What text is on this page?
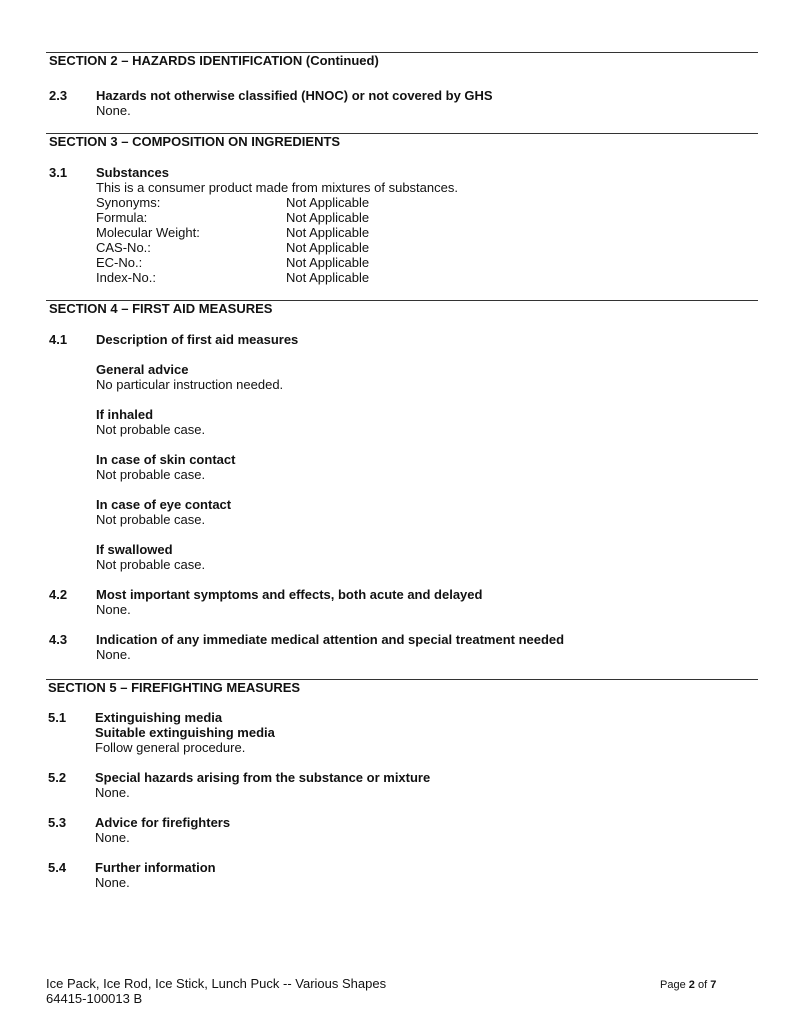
SECTION 2 – HAZARDS IDENTIFICATION (Continued)
2.3 Hazards not otherwise classified (HNOC) or not covered by GHS
None.
SECTION 3 – COMPOSITION ON INGREDIENTS
3.1 Substances
This is a consumer product made from mixtures of substances.
Synonyms:	Not Applicable
Formula:	Not Applicable
Molecular Weight:	Not Applicable
CAS-No.:	Not Applicable
EC-No.:	Not Applicable
Index-No.:	Not Applicable
SECTION 4 – FIRST AID MEASURES
4.1 Description of first aid measures
General advice
No particular instruction needed.
If inhaled
Not probable case.
In case of skin contact
Not probable case.
In case of eye contact
Not probable case.
If swallowed
Not probable case.
4.2 Most important symptoms and effects, both acute and delayed
None.
4.3 Indication of any immediate medical attention and special treatment needed
None.
SECTION 5 – FIREFIGHTING MEASURES
5.1 Extinguishing media
Suitable extinguishing media
Follow general procedure.
5.2 Special hazards arising from the substance or mixture
None.
5.3 Advice for firefighters
None.
5.4 Further information
None.
Ice Pack, Ice Rod, Ice Stick, Lunch Puck -- Various Shapes
64415-100013 B
Page 2 of 7
